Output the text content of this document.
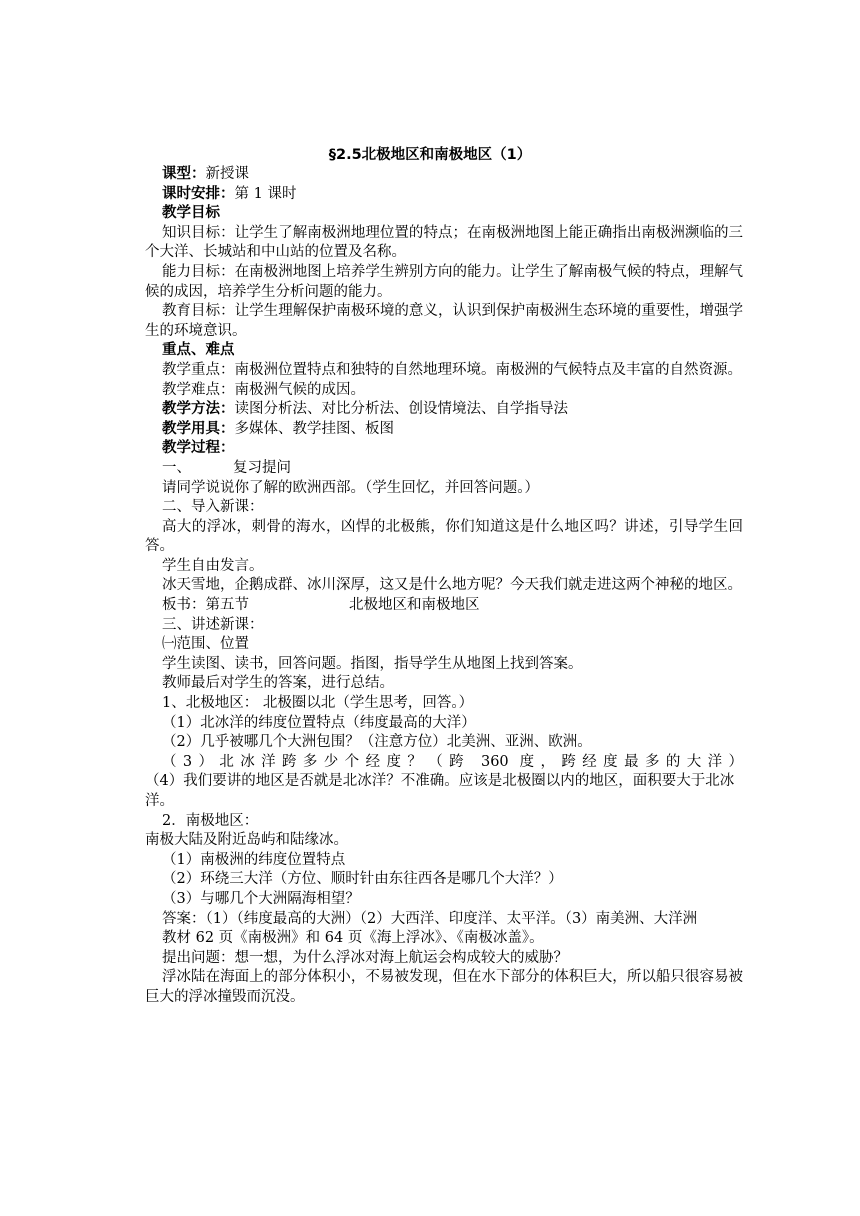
§2.5北极地区和南极地区（1）

课型：新授课

课时安排：第 1 课时

教学目标

知识目标：让学生了解南极洲地理位置的特点；在南极洲地图上能正确指出南极洲濒临的三个大洋、长城站和中山站的位置及名称。

能力目标：在南极洲地图上培养学生辨别方向的能力。让学生了解南极气候的特点，理解气候的成因，培养学生分析问题的能力。

教育目标：让学生理解保护南极环境的意义，认识到保护南极洲生态环境的重要性，增强学生的环境意识。

重点、难点

教学重点：南极洲位置特点和独特的自然地理环境。南极洲的气候特点及丰富的自然资源。

教学难点：南极洲气候的成因。

教学方法：读图分析法、对比分析法、创设情境法、自学指导法

教学用具：多媒体、教学挂图、板图

教学过程：

一、	复习提问

请同学说说你了解的欧洲西部。（学生回忆，并回答问题。）

二、导入新课：

高大的浮冰，刺骨的海水，凶悍的北极熊，你们知道这是什么地区吗？讲述，引导学生回答。

学生自由发言。

冰天雪地，企鹅成群、冰川深厚，这又是什么地方呢？今天我们就走进这两个神秘的地区。

板书：第五节	北极地区和南极地区

三、讲述新课：

㈠范围、位置

学生读图、读书，回答问题。指图，指导学生从地图上找到答案。

教师最后对学生的答案，进行总结。

1、北极地区： 北极圈以北（学生思考，回答。）

（1）北冰洋的纬度位置特点（纬度最高的大洋）

（2）几乎被哪几个大洲包围？（注意方位）北美洲、亚洲、欧洲。

（3）北冰洋跨多少个经度？（跨 360 度，跨经度最多的大洋）

（4）我们要讲的地区是否就是北冰洋？不准确。应该是北极圈以内的地区，面积要大于北冰洋。

2．南极地区：

南极大陆及附近岛屿和陆缘冰。

（1）南极洲的纬度位置特点

（2）环绕三大洋（方位、顺时针由东往西各是哪几个大洋？）

（3）与哪几个大洲隔海相望？

答案：（1）（纬度最高的大洲）（2）大西洋、印度洋、太平洋。（3）南美洲、大洋洲

教材 62 页《南极洲》和 64 页《海上浮冰》、《南极冰盖》。

提出问题：想一想，为什么浮冰对海上航运会构成较大的威胁？

浮冰陆在海面上的部分体积小，不易被发现，但在水下部分的体积巨大，所以船只很容易被巨大的浮冰撞毁而沉没。
